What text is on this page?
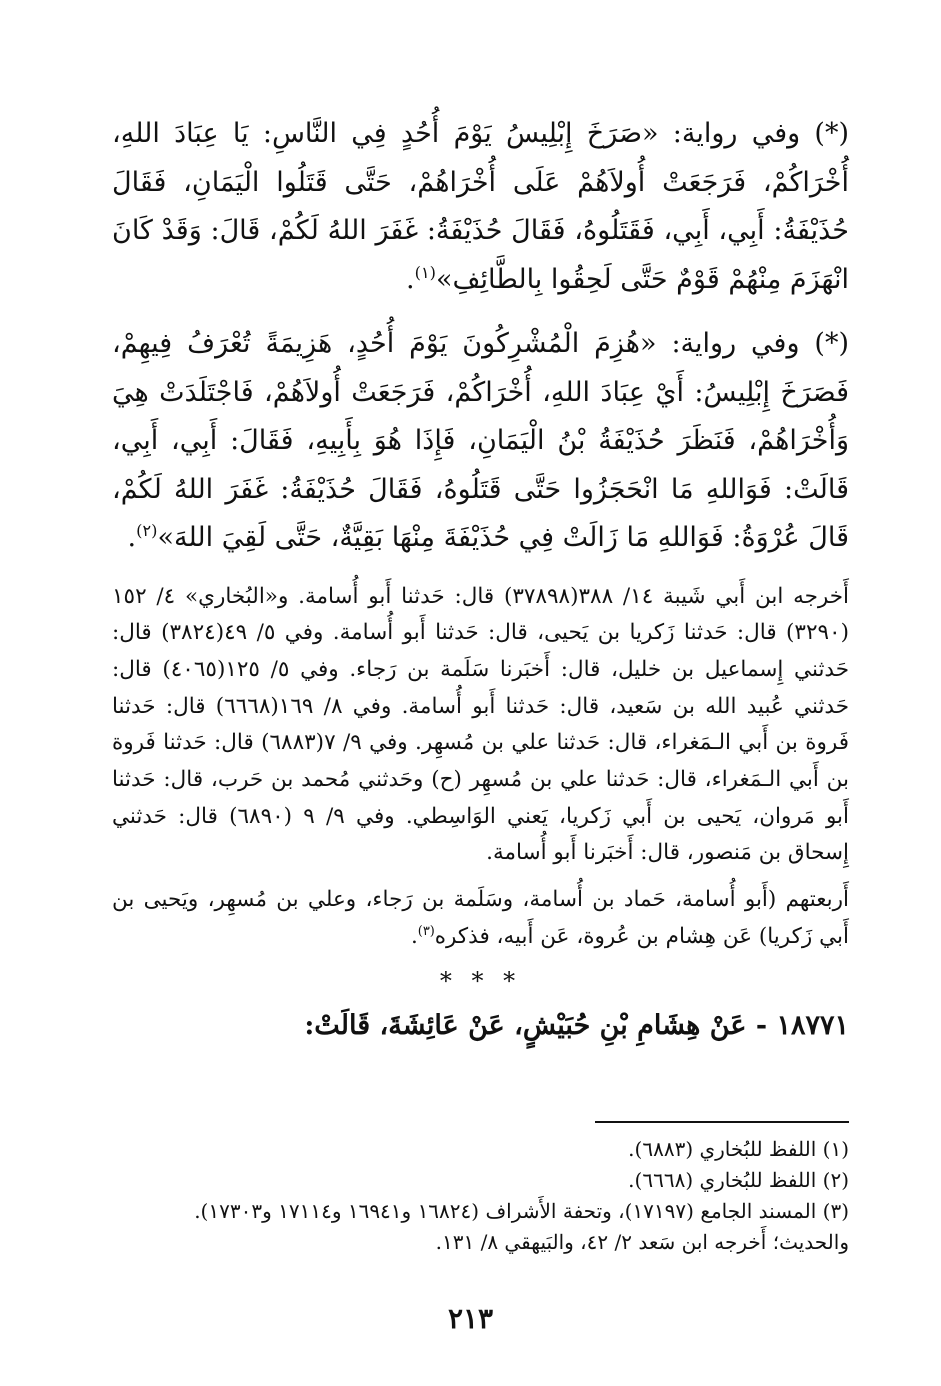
(*) وفي رواية: «صَرَخَ إِبْلِيسُ يَوْمَ أُحُدٍ فِي النَّاسِ: يَا عِبَادَ اللهِ، أُخْرَاكُمْ، فَرَجَعَتْ أُولاَهُمْ عَلَى أُخْرَاهُمْ، حَتَّى قَتَلُوا الْيَمَانِ، فَقَالَ حُذَيْفَةُ: أَبِي، أَبِي، فَقَتَلُوهُ، فَقَالَ حُذَيْفَةُ: غَفَرَ اللهُ لَكُمْ، قَالَ: وَقَدْ كَانَ انْهَزَمَ مِنْهُمْ قَوْمٌ حَتَّى لَحِقُوا بِالطَّائِفِ»$^{(١)}$.

(*) وفي رواية: «هُزِمَ الْمُشْرِكُونَ يَوْمَ أُحُدٍ، هَزِيمَةً تُعْرَفُ فِيهِمْ، فَصَرَخَ إِبْلِيسُ: أَيْ عِبَادَ اللهِ، أُخْرَاكُمْ، فَرَجَعَتْ أُولاَهُمْ، فَاجْتَلَدَتْ هِيَ وَأُخْرَاهُمْ، فَنَظَرَ حُذَيْفَةُ بْنُ الْيَمَانِ، فَإِذَا هُوَ بِأَبِيهِ، فَقَالَ: أَبِي، أَبِي، قَالَتْ: فَوَاللهِ مَا انْحَجَزُوا حَتَّى قَتَلُوهُ، فَقَالَ حُذَيْفَةُ: غَفَرَ اللهُ لَكُمْ، قَالَ عُرْوَةُ: فَوَاللهِ مَا زَالَتْ فِي حُذَيْفَةَ مِنْهَا بَقِيَّةٌ، حَتَّى لَقِيَ اللهَ»$^{(٢)}$.

أَخرجه ابن أَبي شَيبة ١٤/ ٣٨٨(٣٧٨٩٨) قال: حَدثنا أَبو أُسامة. و«البُخاري» ٤/ ١٥٢ (٣٢٩٠) قال: حَدثنا زَكريا بن يَحيى، قال: حَدثنا أَبو أُسامة. وفي ٥/ ٤٩(٣٨٢٤) قال: حَدثني إِسماعيل بن خليل، قال: أَخبَرنا سَلَمة بن رَجاء. وفي ٥/ ١٢٥(٤٠٦٥) قال: حَدثني عُبيد الله بن سَعيد، قال: حَدثنا أَبو أُسامة. وفي ٨/ ١٦٩(٦٦٦٨) قال: حَدثنا فَروة بن أَبي الـمَغراء، قال: حَدثنا علي بن مُسهِر. وفي ٩/ ٧(٦٨٨٣) قال: حَدثنا فَروة بن أَبي الـمَغراء، قال: حَدثنا علي بن مُسهِر (ح) وحَدثني مُحمد بن حَرب، قال: حَدثنا أَبو مَروان، يَحيى بن أَبي زَكريا، يَعني الوَاسِطي. وفي ٩/ ٩ (٦٨٩٠) قال: حَدثني إِسحاق بن مَنصور، قال: أَخبَرنا أَبو أُسامة.

أَربعتهم (أَبو أُسامة، حَماد بن أُسامة، وسَلَمة بن رَجاء، وعلي بن مُسهِر، ويَحيى بن أَبي زَكريا) عَن هِشام بن عُروة، عَن أَبيه، فذكره$^{(٣)}$.

* * *

١٨٧٧١ - عَنْ هِشَامِ بْنِ حُبَيْشٍ، عَنْ عَائِشَةَ، قَالَتْ:

(١) اللفظ للبُخاري (٦٨٨٣).
(٢) اللفظ للبُخاري (٦٦٦٨).
(٣) المسند الجامع (١٧١٩٧)، وتحفة الأَشراف (١٦٨٢٤ و١٦٩٤١ و١٧١١٤ و١٧٣٠٣).
والحديث؛ أَخرجه ابن سَعد ٢/ ٤٢، والبَيهقي ٨/ ١٣١.
٢١٣
